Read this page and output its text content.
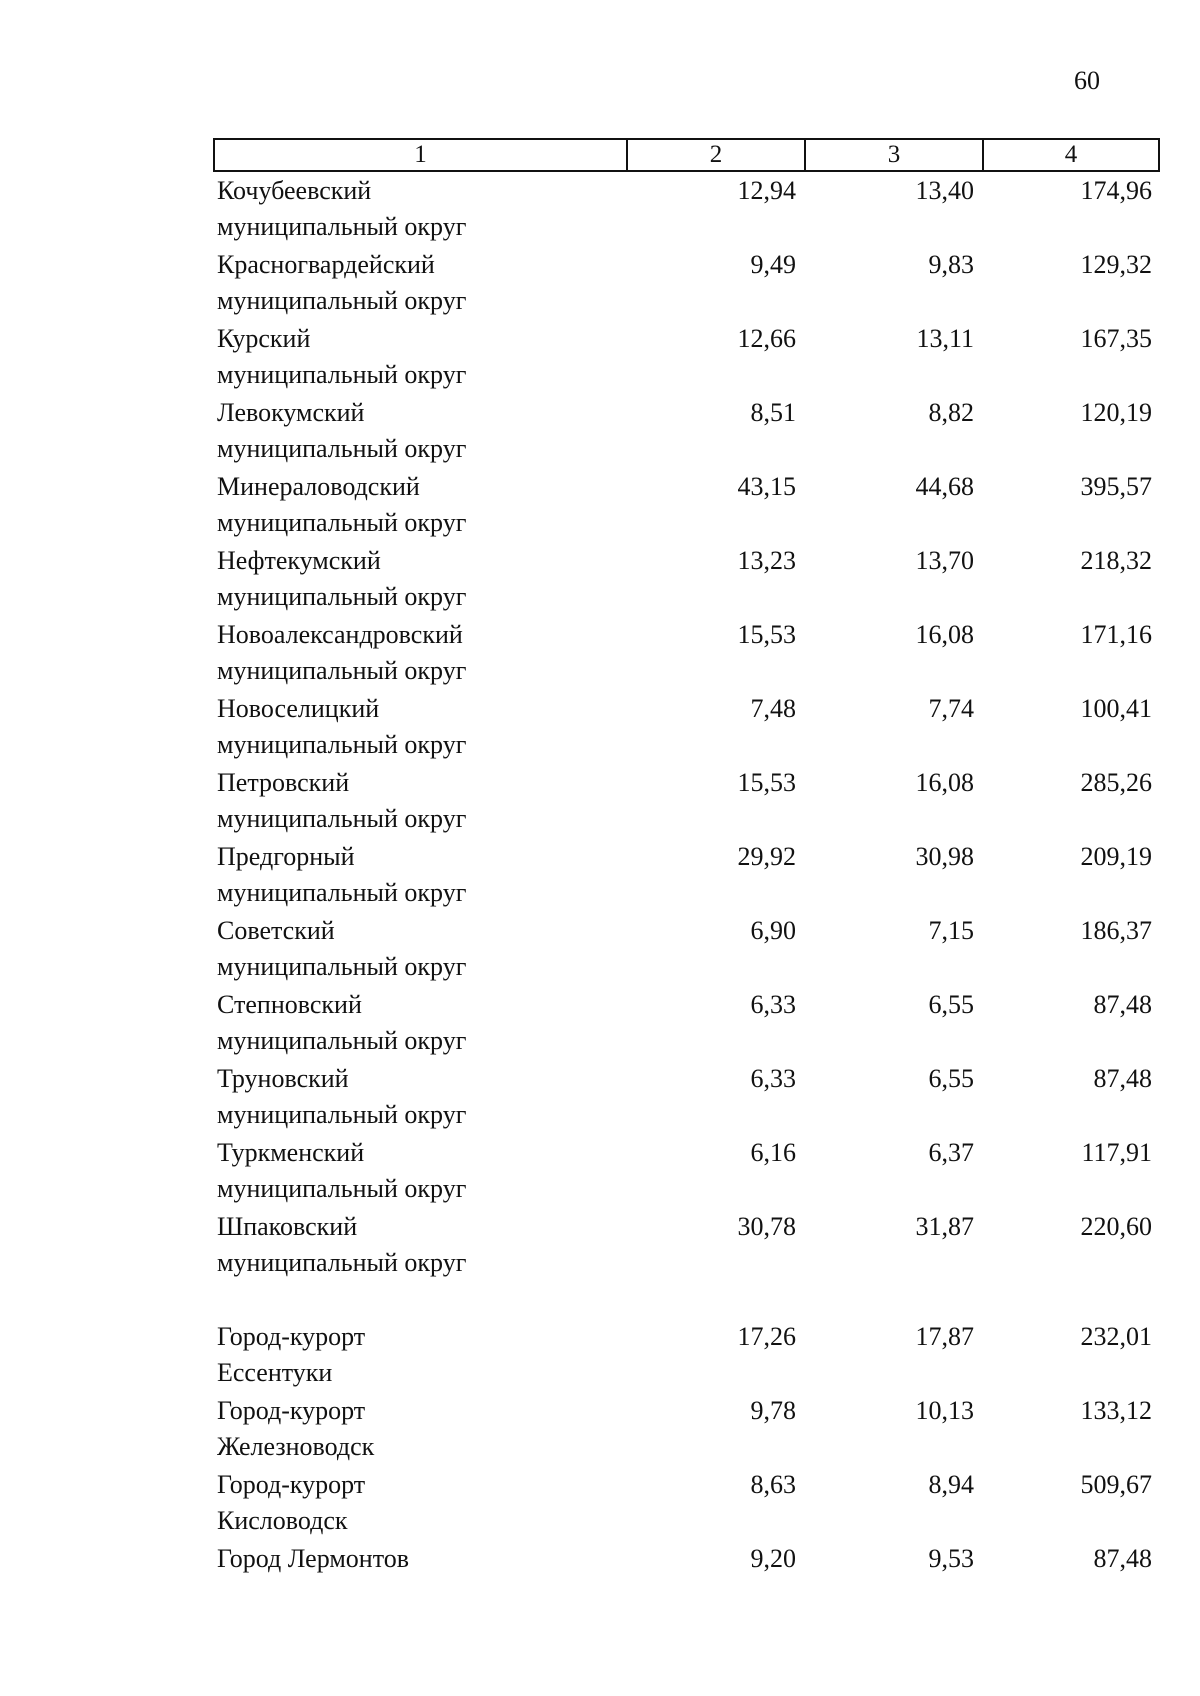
60
1	2	3	4
Кочубеевский
муниципальный округ
12,94	13,40	174,96
Красногвардейский
муниципальный округ
9,49	9,83	129,32
Курский
муниципальный округ
12,66	13,11	167,35
Левокумский
муниципальный округ
8,51	8,82	120,19
Минераловодский
муниципальный округ
43,15	44,68	395,57
Нефтекумский
муниципальный округ
13,23	13,70	218,32
Новоалександровский
муниципальный округ
15,53	16,08	171,16
Новоселицкий
муниципальный округ
7,48	7,74	100,41
Петровский
муниципальный округ
15,53	16,08	285,26
Предгорный
муниципальный округ
29,92	30,98	209,19
Советский
муниципальный округ
6,90	7,15	186,37
Степновский
муниципальный округ
6,33	6,55	87,48
Труновский
муниципальный округ
6,33	6,55	87,48
Туркменский
муниципальный округ
6,16	6,37	117,91
Шпаковский
муниципальный округ
30,78	31,87	220,60
Город-курорт
Ессентуки
17,26	17,87	232,01
Город-курорт
Железноводск
9,78	10,13	133,12
Город-курорт
Кисловодск
8,63	8,94	509,67
Город Лермонтов	9,20	9,53	87,48
